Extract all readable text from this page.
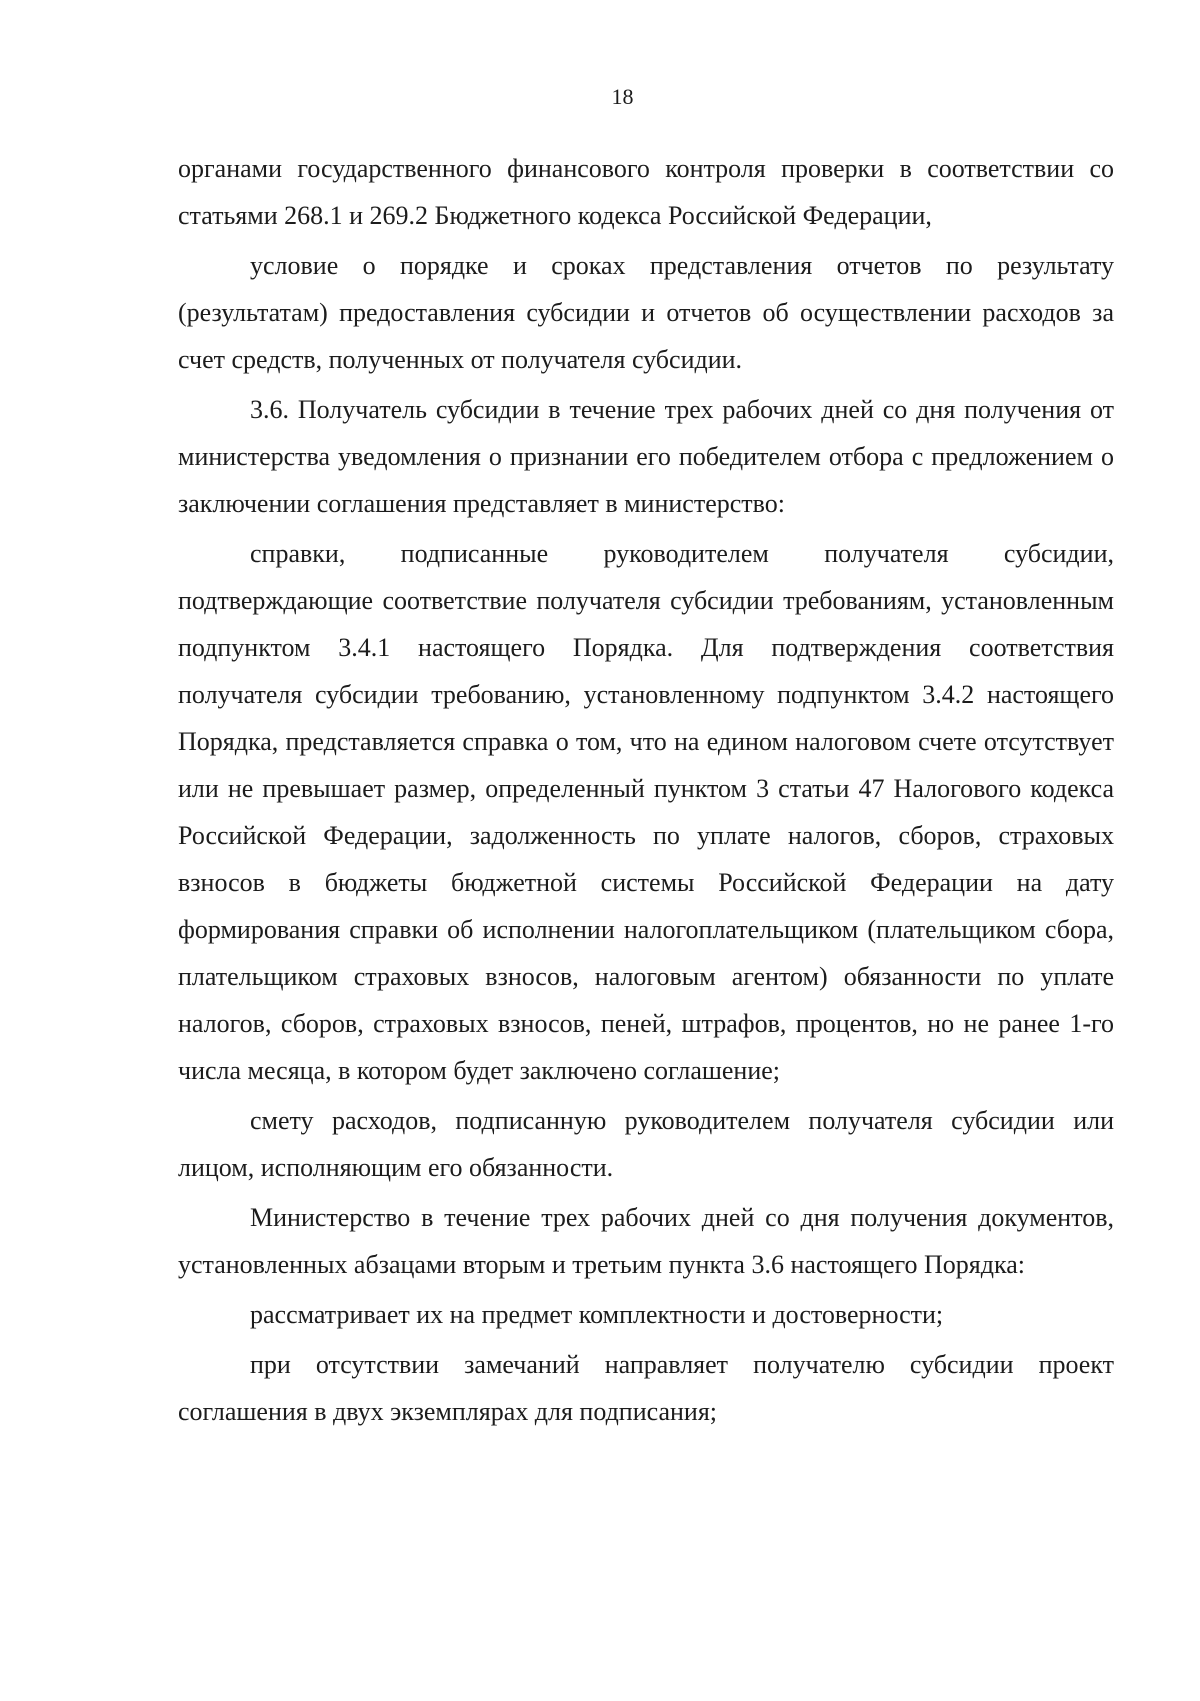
18

органами государственного финансового контроля проверки в соответствии со статьями 268.1 и 269.2 Бюджетного кодекса Российской Федерации,

условие о порядке и сроках представления отчетов по результату (результатам) предоставления субсидии и отчетов об осуществлении расходов за счет средств, полученных от получателя субсидии.

3.6. Получатель субсидии в течение трех рабочих дней со дня получения от министерства уведомления о признании его победителем отбора с предложением о заключении соглашения представляет в министерство:

справки, подписанные руководителем получателя субсидии, подтверждающие соответствие получателя субсидии требованиям, установленным подпунктом 3.4.1 настоящего Порядка. Для подтверждения соответствия получателя субсидии требованию, установленному подпунктом 3.4.2 настоящего Порядка, представляется справка о том, что на едином налоговом счете отсутствует или не превышает размер, определенный пунктом 3 статьи 47 Налогового кодекса Российской Федерации, задолженность по уплате налогов, сборов, страховых взносов в бюджеты бюджетной системы Российской Федерации на дату формирования справки об исполнении налогоплательщиком (плательщиком сбора, плательщиком страховых взносов, налоговым агентом) обязанности по уплате налогов, сборов, страховых взносов, пеней, штрафов, процентов, но не ранее 1-го числа месяца, в котором будет заключено соглашение;

смету расходов, подписанную руководителем получателя субсидии или лицом, исполняющим его обязанности.

Министерство в течение трех рабочих дней со дня получения документов, установленных абзацами вторым и третьим пункта 3.6 настоящего Порядка:

рассматривает их на предмет комплектности и достоверности;

при отсутствии замечаний направляет получателю субсидии проект соглашения в двух экземплярах для подписания;
